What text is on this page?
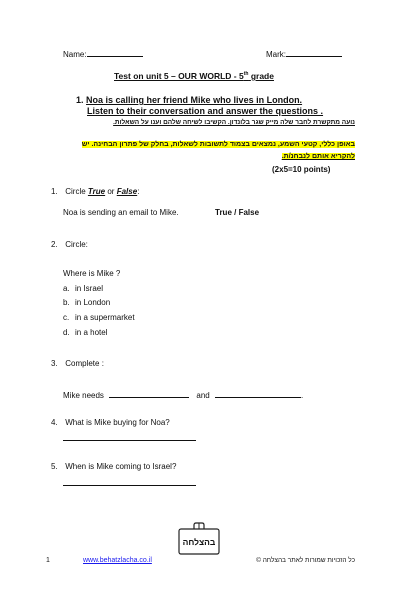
Name:	Mark:
Test on unit 5 – OUR WORLD - 5th grade
1. Noa is calling her friend Mike who lives in London.
Listen to their conversation and answer the questions .
נועה מתקשרת לחבר שלה מייק שגר בלונדון. הקשיבו לשיחה שלהם וענו על השאלות.
באופן כללי, קטעי השמע, נמצאים בצמוד לתשובות לשאלות, בחלק של פתרון הבחינה. יש
להקריא אותם לנבחנ/ת.
(2x5=10 points)
1. Circle True or False:
Noa is sending an email to Mike.	True / False
2. Circle:
Where is Mike ?
a. in Israel
b. in London
c. in a supermarket
d. in a hotel
3. Complete :
Mike needs	and	.
4. What is Mike buying for Noa?
5. When is Mike coming to Israel?
בהצלחה
1	www.behatzlacha.co.il	כל הזכויות שמורות לאתר בהצלחה ©
